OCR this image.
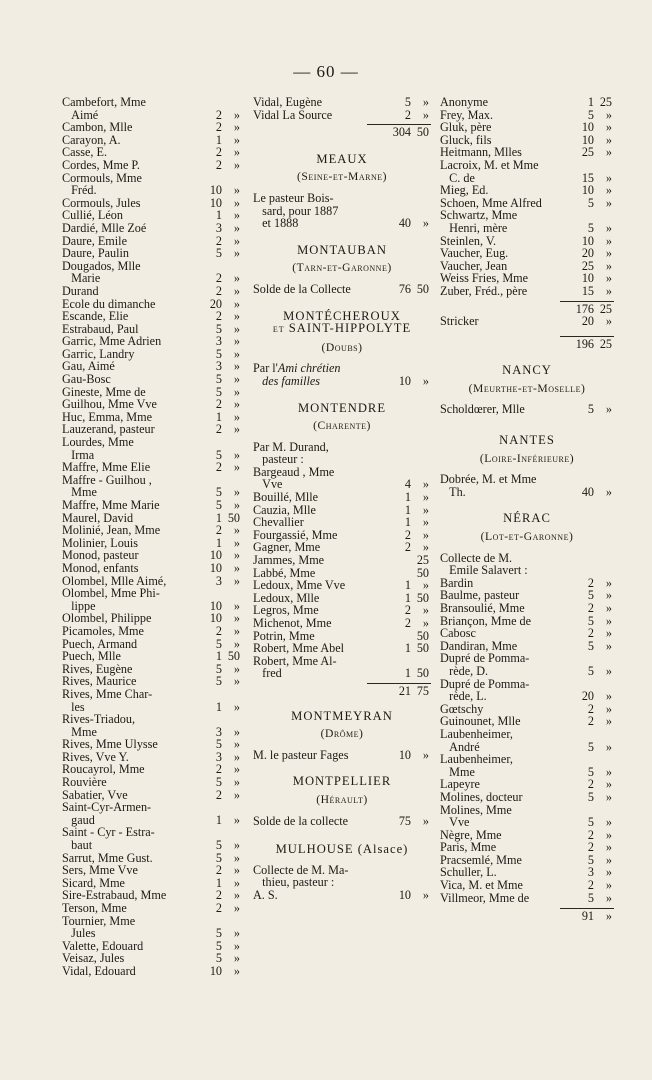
— 60 —
Cambefort, Mme
Aimé	2 »
Cambon, Mlle	2 »
Carayon, A.	1 »
Casse, E.	2 »
Cordes, Mme P.	2 »
Cormouls, Mme
Fréd.	10 »
Cormouls, Jules	10 »
Cullié, Léon	1 »
Dardié, Mlle Zoé	3 »
Daure, Emile	2 »
Daure, Paulin	5 »
Dougados, Mlle
Marie	2 »
Durand	2 »
Ecole du dimanche	20 »
Escande, Elie	2 »
Estrabaud, Paul	5 »
Garric, Mme Adrien	3 »
Garric, Landry	5 »
Gau, Aimé	3 »
Gau-Bosc	5 »
Gineste, Mme de	5 »
Guilhou, Mme Vve	2 »
Huc, Emma, Mme	1 »
Lauzerand, pasteur	2 »
Lourdes, Mme
Irma	5 »
Maffre, Mme Elie	2 »
Maffre - Guilhou ,
Mme	5 »
Maffre, Mme Marie	5 »
Maurel, David	1 50
Molinié, Jean, Mme	2 »
Molinier, Louis	1 »
Monod, pasteur	10 »
Monod, enfants	10 »
Olombel, Mlle Aimé,	3 »
Olombel, Mme Phi-
lippe	10 »
Olombel, Philippe	10 »
Picamoles, Mme	2 »
Puech, Armand	5 »
Puech, Mlle	1 50
Rives, Eugène	5 »
Rives, Maurice	5 »
Rives, Mme Char-
les	1 »
Rives-Triadou,
Mme	3 »
Rives, Mme Ulysse	5 »
Rives, Vve Y.	3 »
Roucayrol, Mme	2 »
Rouvière	5 »
Sabatier, Vve	2 »
Saint-Cyr-Armen-
gaud	1 »
Saint - Cyr - Estra-
baut	5 »
Sarrut, Mme Gust.	5 »
Sers, Mme Vve	2 »
Sicard, Mme	1 »
Sire-Estrabaud, Mme	2 »
Terson, Mme	2 »
Tournier, Mme
Jules	5 »
Valette, Edouard	5 »
Veisaz, Jules	5 »
Vidal, Edouard	10 »
Vidal, Eugène	5 »
Vidal La Source	2 »
304 50
MEAUX
(Seine-et-Marne)
Le pasteur Bois-
sard, pour 1887
et 1888	40 »
MONTAUBAN
(Tarn-et-Garonne)
Solde de la Collecte	76 50
MONTÉCHEROUX
et SAINT-HIPPOLYTE
(Doubs)
Par l'Ami chrétien
des familles	10 »
MONTENDRE
(Charente)
Par M. Durand,
pasteur :
Bargeaud , Mme
Vve	4 »
Bouillé, Mlle	1 »
Cauzia, Mlle	1 »
Chevallier	1 »
Fourgassié, Mme	2 »
Gagner, Mme	2 »
Jammes, Mme	25
Labbé, Mme	50
Ledoux, Mme Vve	1 »
Ledoux, Mlle	1 50
Legros, Mme	2 »
Michenot, Mme	2 »
Potrin, Mme	50
Robert, Mme Abel	1 50
Robert, Mme Al-
fred	1 50
21 75
MONTMEYRAN
(Drôme)
M. le pasteur Fages	10 »
MONTPELLIER
(Hérault)
Solde de la collecte	75 »
MULHOUSE (Alsace)
Collecte de M. Ma-
thieu, pasteur :
A. S.	10 »
Anonyme	1 25
Frey, Max.	5 »
Gluk, père	10 »
Gluck, fils	10 »
Heitmann, Mlles	25 »
Lacroix, M. et Mme
C. de	15 »
Mieg, Ed.	10 »
Schoen, Mme Alfred	5 »
Schwartz, Mme
Henri, mère	5 »
Steinlen, V.	10 »
Vaucher, Eug.	20 »
Vaucher, Jean	25 »
Weiss Fries, Mme	10 »
Zuber, Fréd., père	15 »
176 25
Stricker	20 »
196 25
NANCY
(Meurthe-et-Moselle)
Scholdœrer, Mlle	5 »
NANTES
(Loire-Inférieure)
Dobrée, M. et Mme
Th.	40 »
NÉRAC
(Lot-et-Garonne)
Collecte de M.
Emile Salavert :
Bardin	2 »
Baulme, pasteur	5 »
Bransoulié, Mme	2 »
Briançon, Mme de	5 »
Cabosc	2 »
Dandiran, Mme	5 »
Dupré de Pomma-
rède, D.	5 »
Dupré de Pomma-
rède, L.	20 »
Gœtschy	2 »
Guinounet, Mlle	2 »
Laubenheimer,
André	5 »
Laubenheimer,
Mme	5 »
Lapeyre	2 »
Molines, docteur	5 »
Molines, Mme
Vve	5 »
Nègre, Mme	2 »
Paris, Mme	2 »
Pracsemlé, Mme	5 »
Schuller, L.	3 »
Vica, M. et Mme	2 »
Villmeor, Mme de	5 »
91 »
